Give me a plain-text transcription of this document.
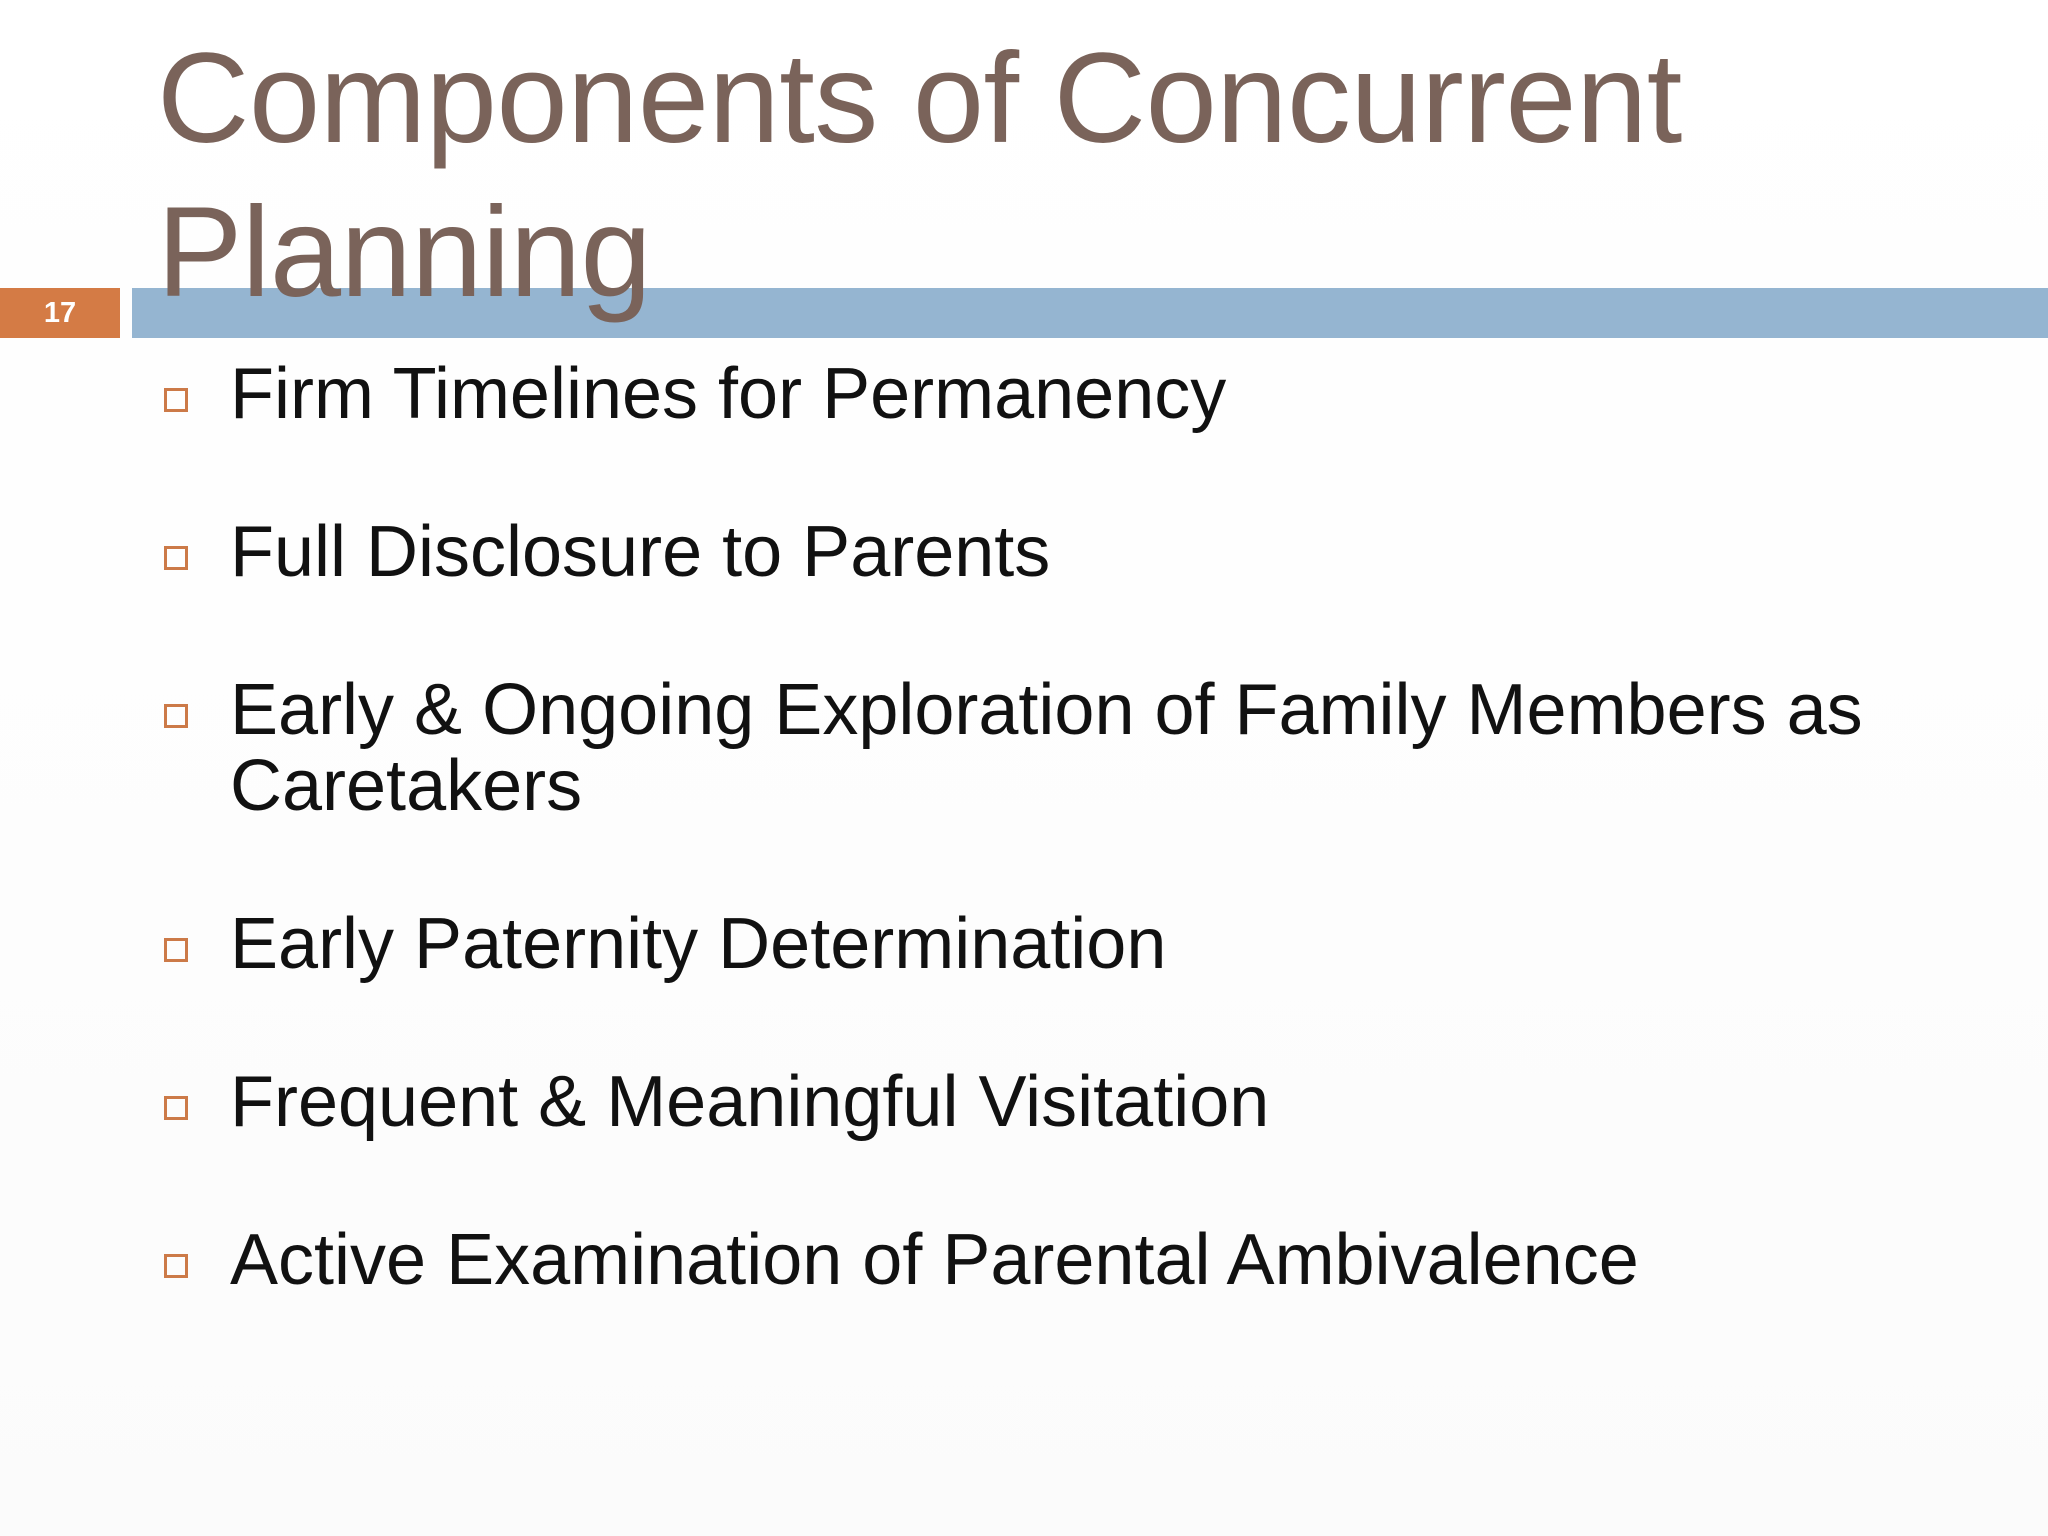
Components of Concurrent Planning
17
Firm Timelines for Permanency
Full Disclosure to Parents
Early & Ongoing Exploration of Family Members as Caretakers
Early Paternity Determination
Frequent & Meaningful Visitation
Active Examination of Parental Ambivalence
